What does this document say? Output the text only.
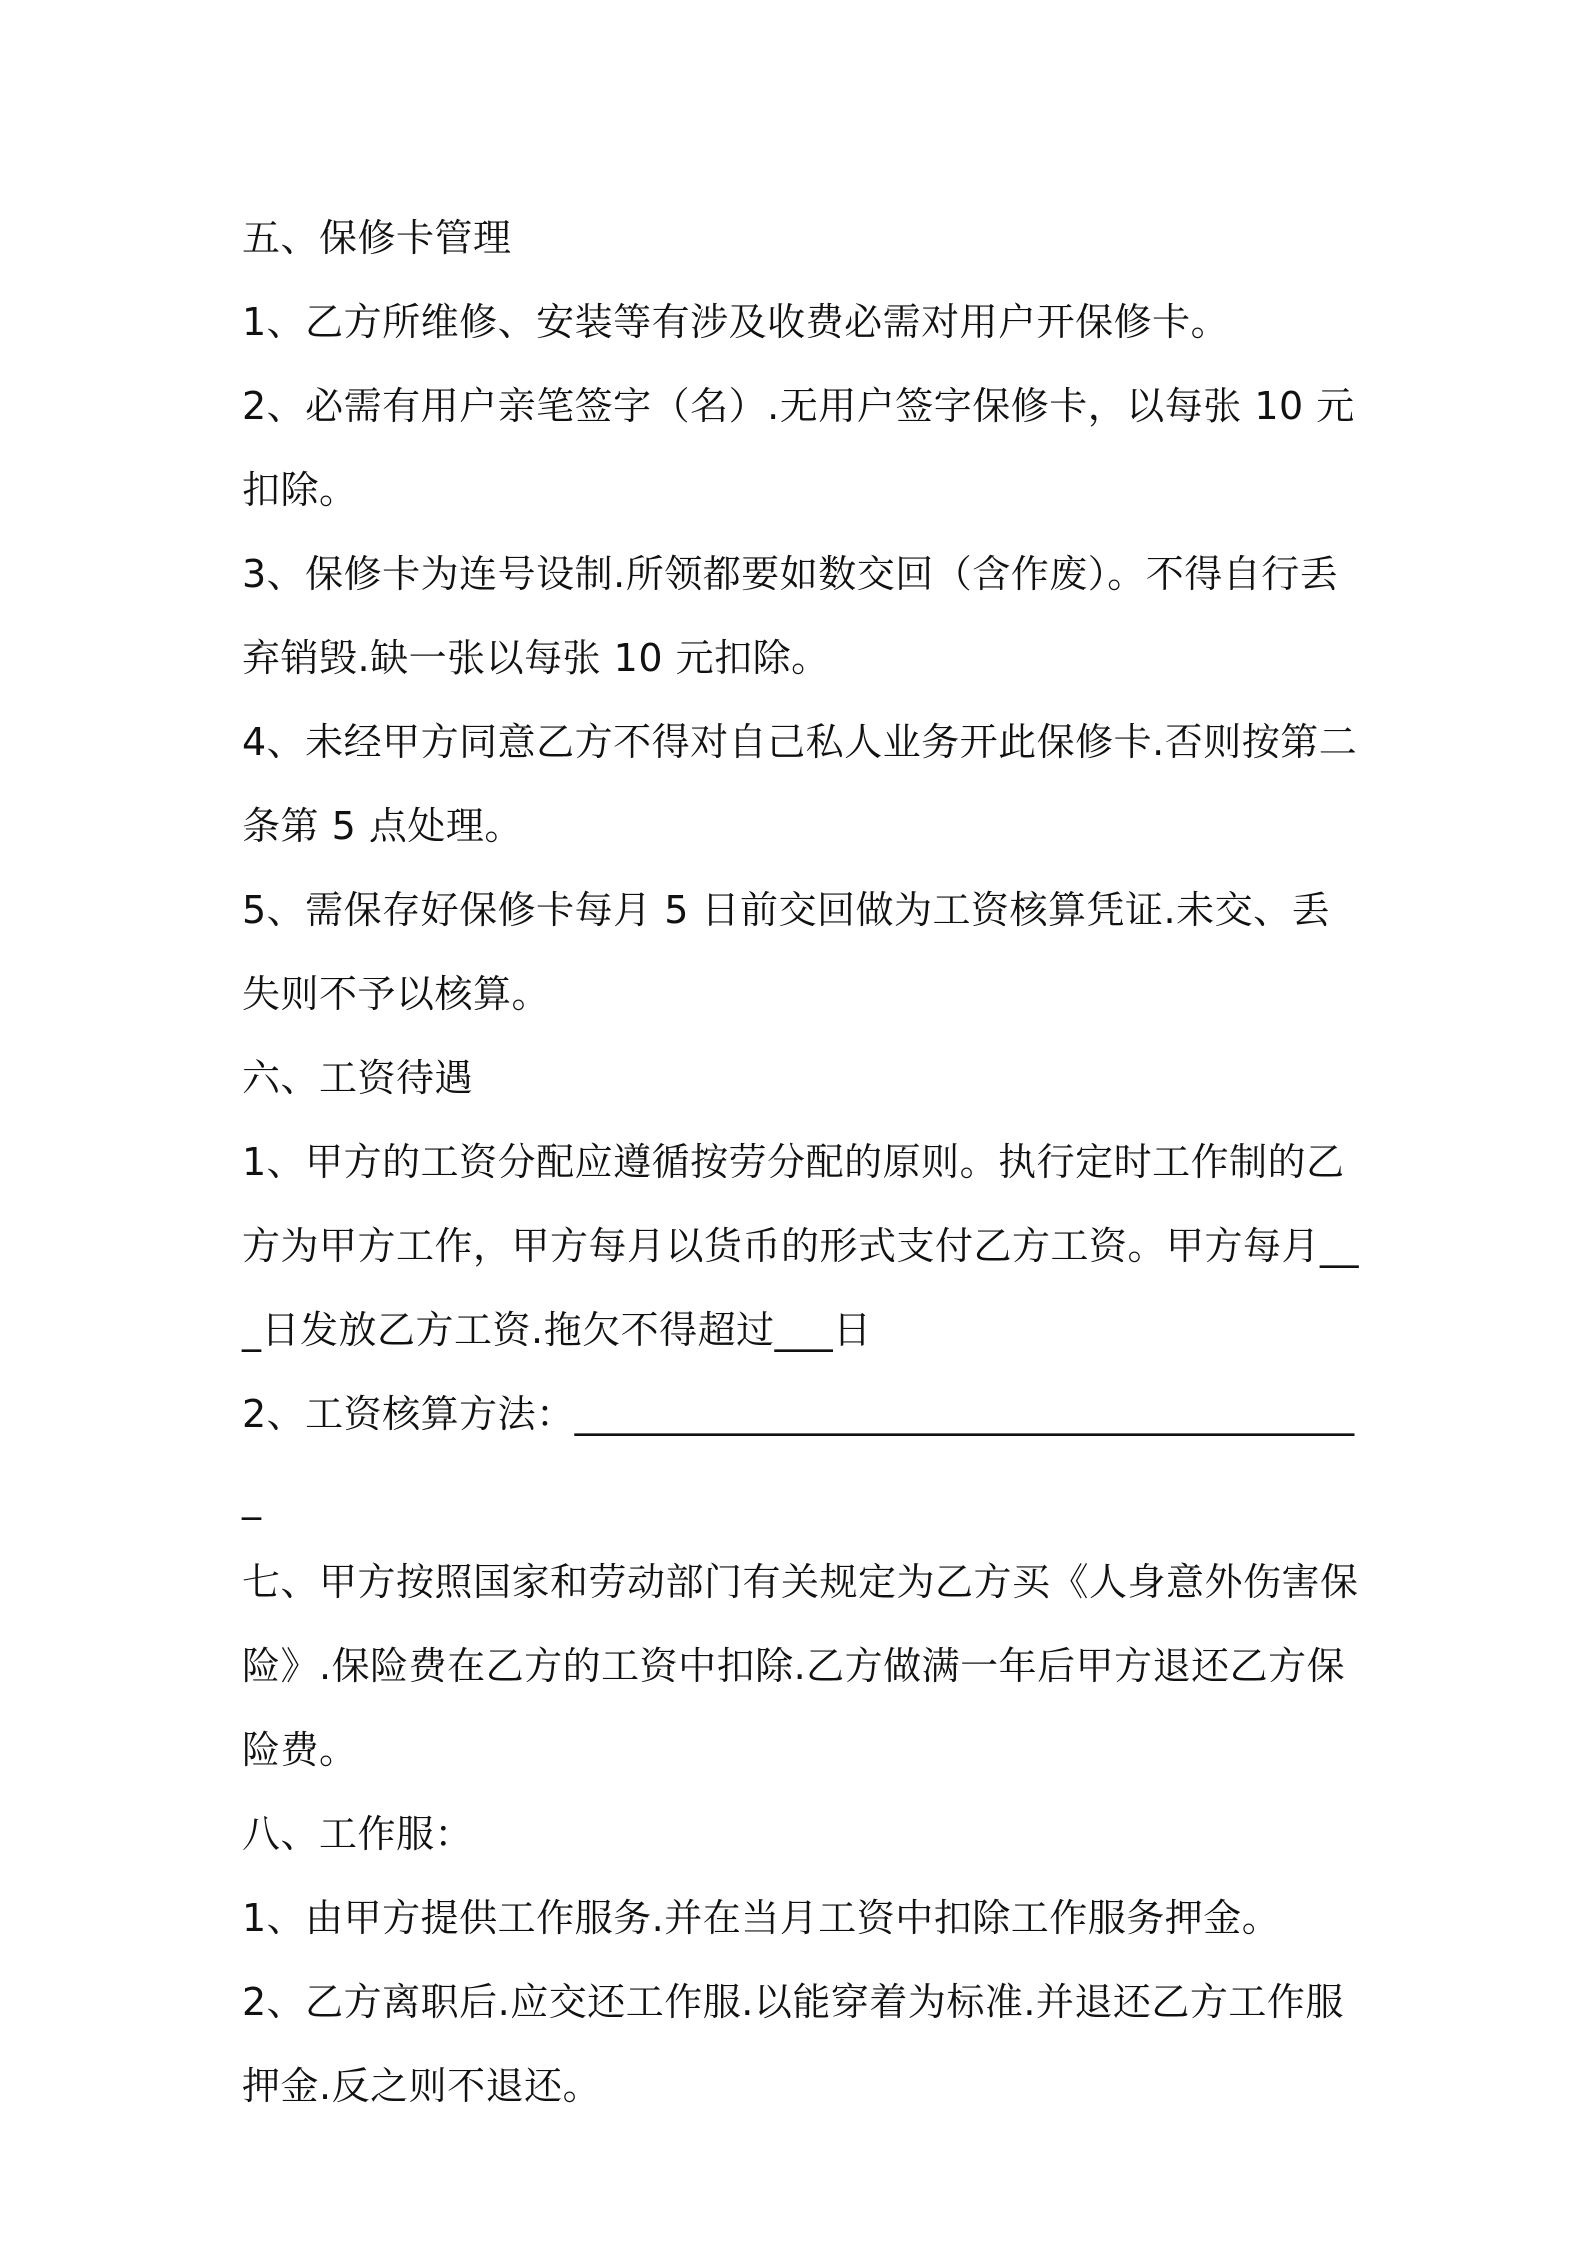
五、保修卡管理

1、乙方所维修、安装等有涉及收费必需对用户开保修卡。

2、必需有用户亲笔签字（名）.无用户签字保修卡，以每张 10 元扣除。

3、保修卡为连号设制.所领都要如数交回（含作废）。不得自行丢弃销毁.缺一张以每张 10 元扣除。

4、未经甲方同意乙方不得对自己私人业务开此保修卡.否则按第二条第 5 点处理。

5、需保存好保修卡每月 5 日前交回做为工资核算凭证.未交、丢失则不予以核算。

六、工资待遇

1、甲方的工资分配应遵循按劳分配的原则。执行定时工作制的乙方为甲方工作，甲方每月以货币的形式支付乙方工资。甲方每月___日发放乙方工资.拖欠不得超过___日

2、工资核算方法：_________________________________________

七、甲方按照国家和劳动部门有关规定为乙方买《人身意外伤害保险》.保险费在乙方的工资中扣除.乙方做满一年后甲方退还乙方保险费。

八、工作服：

1、由甲方提供工作服务.并在当月工资中扣除工作服务押金。

2、乙方离职后.应交还工作服.以能穿着为标准.并退还乙方工作服押金.反之则不退还。
